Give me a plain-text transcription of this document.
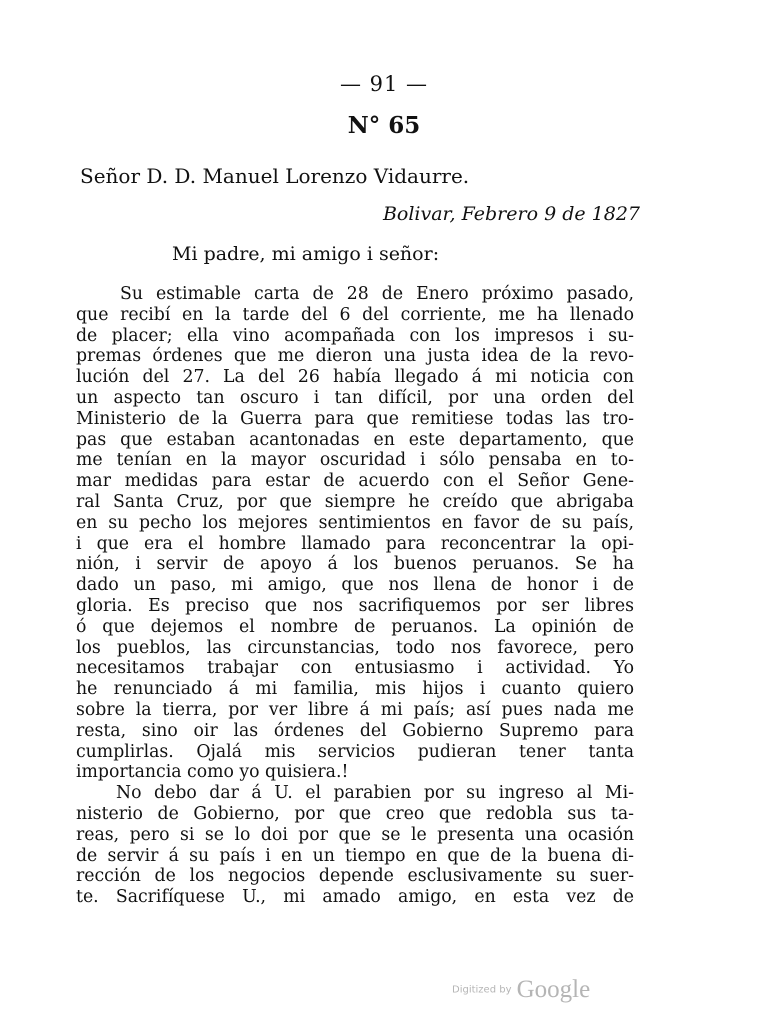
— 91 —
N° 65
Señor D. D. Manuel Lorenzo Vidaurre.
Bolivar, Febrero 9 de 1827
Mi padre, mi amigo i señor:
Su estimable carta de 28 de Enero próximo pasado,
que recibí en la tarde del 6 del corriente, me ha llenado
de placer; ella vino acompañada con los impresos i su-
premas órdenes que me dieron una justa idea de la revo-
lución del 27. La del 26 había llegado á mi noticia con
un aspecto tan oscuro i tan difícil, por una orden del
Ministerio de la Guerra para que remitiese todas las tro-
pas que estaban acantonadas en este departamento, que
me tenían en la mayor oscuridad i sólo pensaba en to-
mar medidas para estar de acuerdo con el Señor Gene-
ral Santa Cruz, por que siempre he creído que abrigaba
en su pecho los mejores sentimientos en favor de su país,
i que era el hombre llamado para reconcentrar la opi-
nión, i servir de apoyo á los buenos peruanos. Se ha
dado un paso, mi amigo, que nos llena de honor i de
gloria. Es preciso que nos sacrifiquemos por ser libres
ó que dejemos el nombre de peruanos. La opinión de
los pueblos, las circunstancias, todo nos favorece, pero
necesitamos trabajar con entusiasmo i actividad. Yo
he renunciado á mi familia, mis hijos i cuanto quiero
sobre la tierra, por ver libre á mi país; así pues nada me
resta, sino oir las órdenes del Gobierno Supremo para
cumplirlas. Ojalá mis servicios pudieran tener tanta
importancia como yo quisiera.!
No debo dar á U. el parabien por su ingreso al Mi-
nisterio de Gobierno, por que creo que redobla sus ta-
reas, pero si se lo doi por que se le presenta una ocasión
de servir á su país i en un tiempo en que de la buena di-
rección de los negocios depende esclusivamente su suer-
te. Sacrifíquese U., mi amado amigo, en esta vez de
Digitized by Google
